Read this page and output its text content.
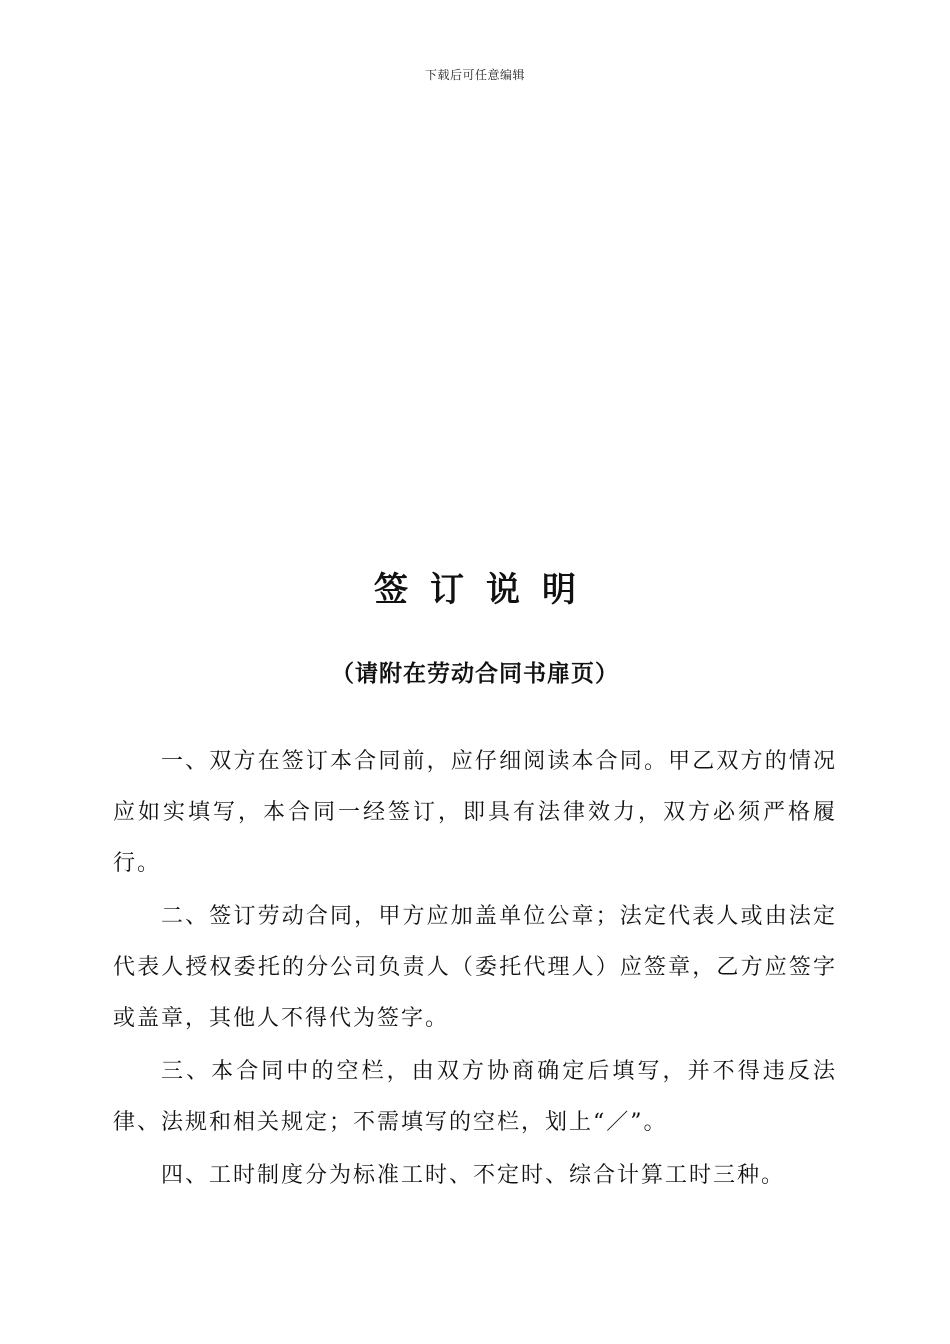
下载后可任意编辑
签订说明
（请附在劳动合同书扉页）

一、双方在签订本合同前，应仔细阅读本合同。甲乙双方的情况应如实填写，本合同一经签订，即具有法律效力，双方必须严格履行。

二、签订劳动合同，甲方应加盖单位公章；法定代表人或由法定代表人授权委托的分公司负责人（委托代理人）应签章，乙方应签字或盖章，其他人不得代为签字。

三、本合同中的空栏，由双方协商确定后填写，并不得违反法律、法规和相关规定；不需填写的空栏，划上“／”。

四、工时制度分为标准工时、不定时、综合计算工时三种。
